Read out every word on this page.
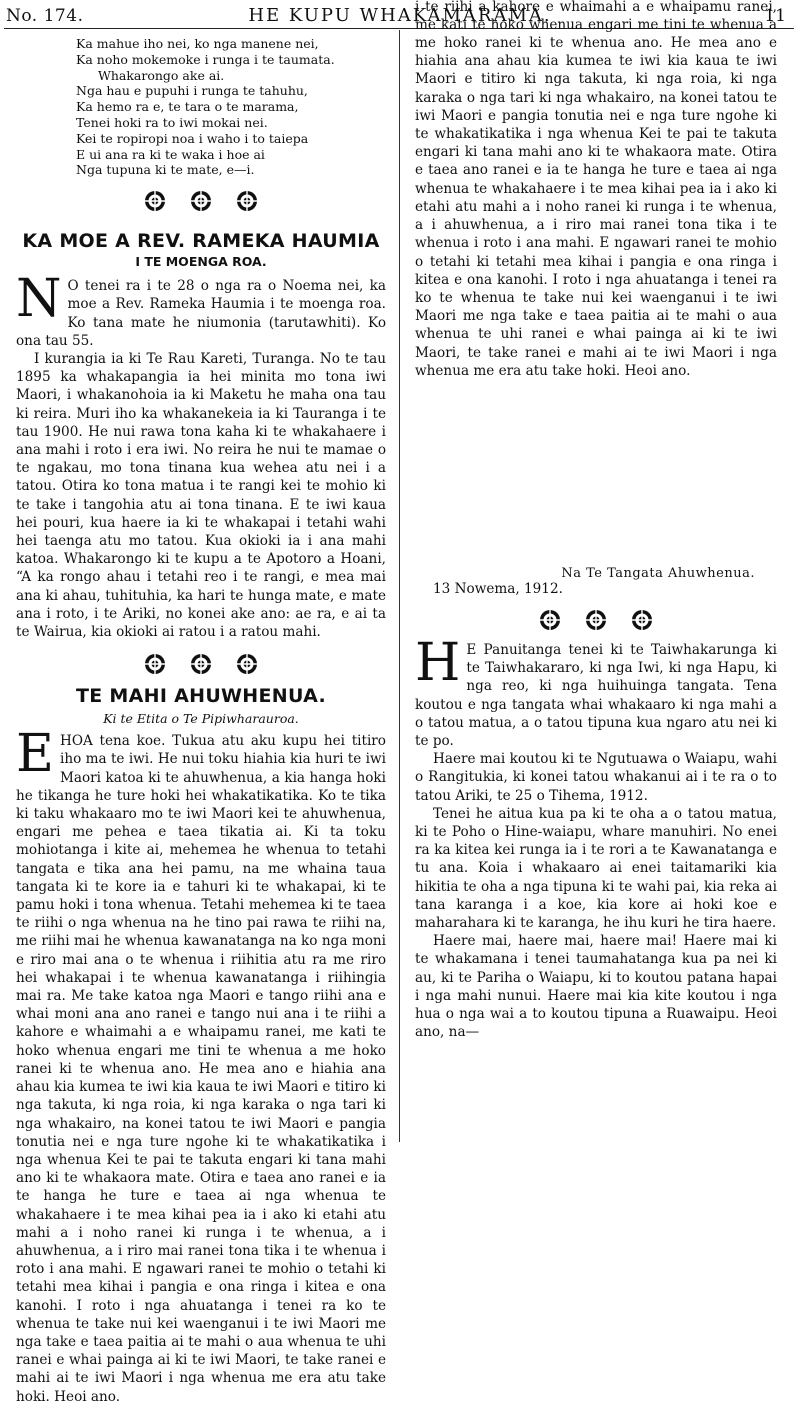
No. 174.	HE KUPU WHAKAMARAMA.	11
Ka mahue iho nei, ko nga manene nei,
Ka noho mokemoke i runga i te taumata.
Whakarongo ake ai.
Nga hau e pupuhi i runga te tahuhu,
Ka hemo ra e, te tara o te marama,
Tenei hoki ra to iwi mokai nei.
Kei te ropiropi noa i waho i to taiepa
E ui ana ra ki te waka i hoe ai
Nga tupuna ki te mate, e—i.
KA MOE A REV. RAMEKA HAUMIA
I TE MOENGA ROA.

N O tenei ra i te 28 o nga ra o Noema nei, ka moe a Rev. Rameka Haumia i te moenga roa. Ko tana mate he niumonia (tarutawhiti). Ko ona tau 55.

I kurangia ia ki Te Rau Kareti, Turanga. No te tau 1895 ka whakapangia ia hei minita mo tona iwi Maori, i whakanohoia ia ki Maketu he maha ona tau ki reira. Muri iho ka whakanekeia ia ki Tauranga i te tau 1900. He nui rawa tona kaha ki te whakahaere i ana mahi i roto i era iwi. No reira he nui te mamae o te ngakau, mo tona tinana kua wehea atu nei i a tatou. Otira ko tona matua i te rangi kei te mohio ki te take i tangohia atu ai tona tinana. E te iwi kaua hei pouri, kua haere ia ki te whakapai i tetahi wahi hei taenga atu mo tatou. Kua okioki ia i ana mahi katoa. Whakarongo ki te kupu a te Apotoro a Hoani, “A ka rongo ahau i tetahi reo i te rangi, e mea mai ana ki ahau, tuhituhia, ka hari te hunga mate, e mate ana i roto, i te Ariki, no konei ake ano: ae ra, e ai ta te Wairua, kia okioki ai ratou i a ratou mahi.

TE MAHI AHUWHENUA.
Ki te Etita o Te Pipiwharauroa.

EHOA tena koe. Tukua atu aku kupu hei titiro iho ma te iwi. He nui toku hiahia kia huri te iwi Maori katoa ki te ahuwhenua, a kia hanga hoki he tikanga he ture hoki hei whakatikatika. Ko te tika ki taku whakaaro mo te iwi Maori kei te ahuwhenua, engari me pehea e taea tikatia ai. Ki ta toku mohiotanga i kite ai, mehemea he whenua to tetahi tangata e tika ana hei pamu, na me whaina taua tangata ki te kore ia e tahuri ki te whakapai, ki te pamu hoki i tona whenua. Tetahi mehemea ki te taea te riihi o nga whenua na he tino pai rawa te riihi na, me riihi mai he whenua kawanatanga na ko nga moni e riro mai ana o te whenua i riihitia atu ra me riro hei whakapai i te whenua kawanatanga i riihingia mai ra. Me take katoa nga Maori e tango riihi ana e whai moni ana ano ranei e tango nui ana i te riihi a kahore e whaimahi a e whaipamu ranei, me kati te hoko whenua engari me tini te whenua a me hoko ranei ki te whenua ano. He mea ano e hiahia ana ahau kia kumea te iwi kia kaua te iwi Maori e titiro ki nga takuta, ki nga roia, ki nga karaka o nga tari ki nga whakairo, na konei tatou te iwi Maori e pangia tonutia nei e nga ture ngohe ki te whakatikatika i nga whenua Kei te pai te takuta engari ki tana mahi ano ki te whakaora mate. Otira e taea ano ranei e ia te hanga he ture e taea ai nga whenua te whakahaere i te mea kihai pea ia i ako ki etahi atu mahi a i noho ranei ki runga i te whenua, a i ahuwhenua, a i riro mai ranei tona tika i te whenua i roto i ana mahi. E ngawari ranei te mohio o tetahi ki tetahi mea kihai i pangia e ona ringa i kitea e ona kanohi. I roto i nga ahuatanga i tenei ra ko te whenua te take nui kei waenganui i te iwi Maori me nga take e taea paitia ai te mahi o aua whenua te uhi ranei e whai painga ai ki te iwi Maori, te take ranei e mahi ai te iwi Maori i nga whenua me era atu take hoki. Heoi ano.

i te riihi a kahore e whaimahi a e whaipamu ranei, me kati te hoko whenua engari me tini te whenua a me hoko ranei ki te whenua ano. He mea ano e hiahia ana ahau kia kumea te iwi kia kaua te iwi Maori e titiro ki nga takuta, ki nga roia, ki nga karaka o nga tari ki nga whakairo, na konei tatou te iwi Maori e pangia tonutia nei e nga ture ngohe ki te whakatikatika i nga whenua Kei te pai te takuta engari ki tana mahi ano ki te whakaora mate. Otira e taea ano ranei e ia te hanga he ture e taea ai nga whenua te whakahaere i te mea kihai pea ia i ako ki etahi atu mahi a i noho ranei ki runga i te whenua, a i ahuwhenua, a i riro mai ranei tona tika i te whenua i roto i ana mahi. E ngawari ranei te mohio o tetahi ki tetahi mea kihai i pangia e ona ringa i kitea e ona kanohi. I roto i nga ahuatanga i tenei ra ko te whenua te take nui kei waenganui i te iwi Maori me nga take e taea paitia ai te mahi o aua whenua te uhi ranei e whai painga ai ki te iwi Maori, te take ranei e mahi ai te iwi Maori i nga whenua me era atu take hoki. Heoi ano.

Na Te Tangata Ahuwhenua.
13 Nowema, 1912.

H E Panuitanga tenei ki te Taiwhakarunga ki te Taiwhakararo, ki nga Iwi, ki nga Hapu, ki nga reo, ki nga huihuinga tangata. Tena koutou e nga tangata whai whakaaro ki nga mahi a o tatou matua, a o tatou tipuna kua ngaro atu nei ki te po.

Haere mai koutou ki te Ngutuawa o Waiapu, wahi o Rangitukia, ki konei tatou whakanui ai i te ra o to tatou Ariki, te 25 o Tihema, 1912.

Tenei he aitua kua pa ki te oha a o tatou matua, ki te Poho o Hine-waiapu, whare manuhiri. No enei ra ka kitea kei runga ia i te rori a te Kawanatanga e tu ana. Koia i whakaaro ai enei taitamariki kia hikitia te oha a nga tipuna ki te wahi pai, kia reka ai tana karanga i a koe, kia kore ai hoki koe e maharahara ki te karanga, he ihu kuri he tira haere.

Haere mai, haere mai, haere mai! Haere mai ki te whakamana i tenei taumahatanga kua pa nei ki au, ki te Pariha o Waiapu, ki to koutou patana hapai i nga mahi nunui. Haere mai kia kite koutou i nga hua o nga wai a to koutou tipuna a Ruawaipu. Heoi ano, na—
